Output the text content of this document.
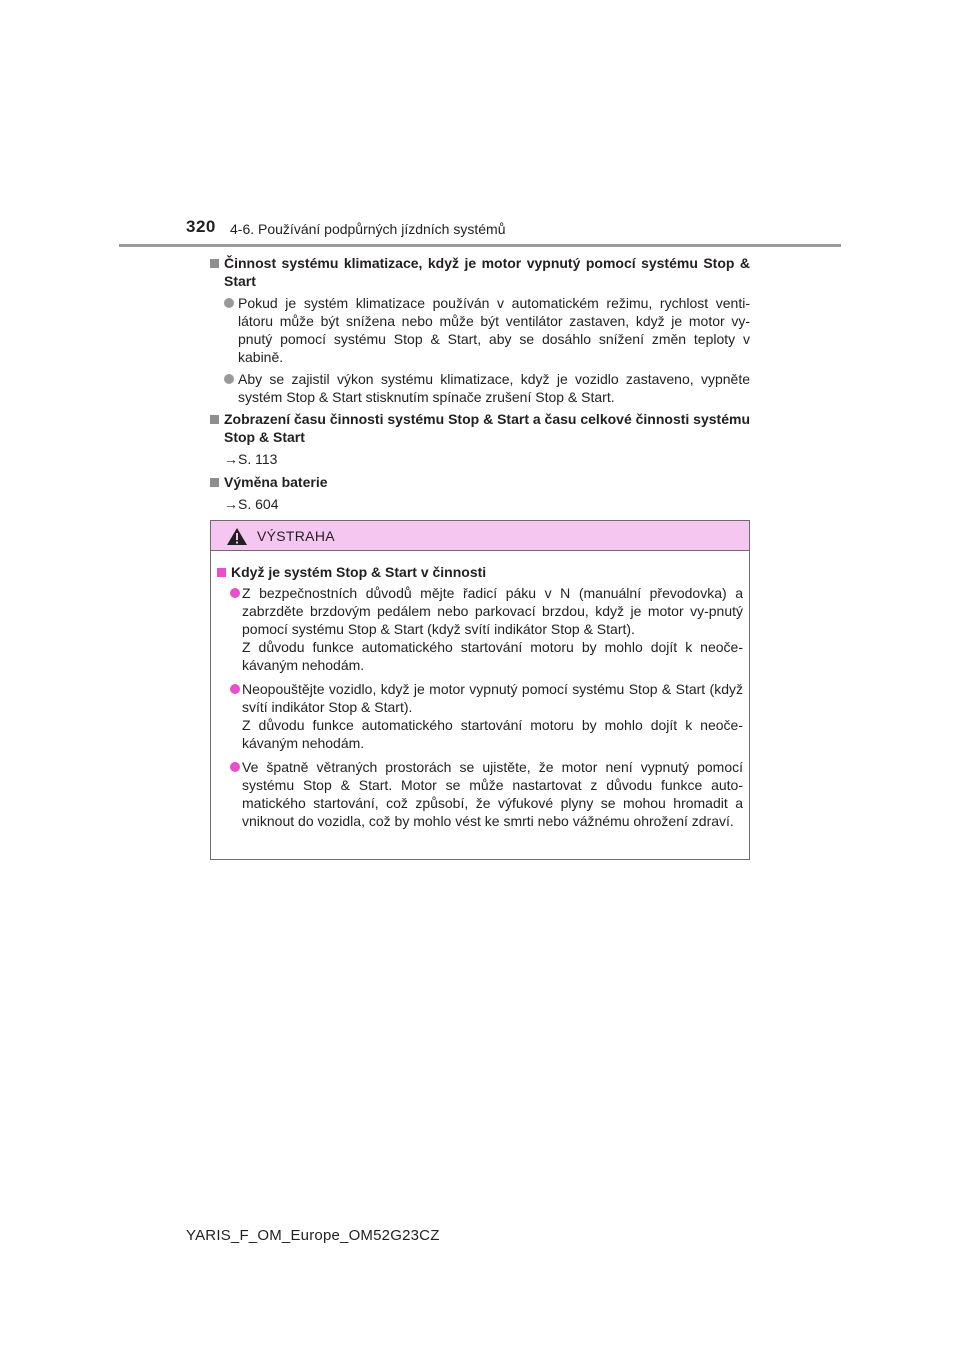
320 4-6. Používání podpůrných jízdních systémů
Činnost systému klimatizace, když je motor vypnutý pomocí systému Stop & Start
Pokud je systém klimatizace používán v automatickém režimu, rychlost venti-látoru může být snížena nebo může být ventilátor zastaven, když je motor vy-pnutý pomocí systému Stop & Start, aby se dosáhlo snížení změn teploty v kabině.
Aby se zajistil výkon systému klimatizace, když je vozidlo zastaveno, vypněte systém Stop & Start stisknutím spínače zrušení Stop & Start.
Zobrazení času činnosti systému Stop & Start a času celkové činnosti systému Stop & Start
→S. 113
Výměna baterie
→S. 604
VÝSTRAHA
Když je systém Stop & Start v činnosti
Z bezpečnostních důvodů mějte řadicí páku v N (manuální převodovka) a zabrzděte brzdovým pedálem nebo parkovací brzdou, když je motor vy-pnutý pomocí systému Stop & Start (když svítí indikátor Stop & Start).
Z důvodu funkce automatického startování motoru by mohlo dojít k neoče-kávaným nehodám.
Neopouštějte vozidlo, když je motor vypnutý pomocí systému Stop & Start (když svítí indikátor Stop & Start).
Z důvodu funkce automatického startování motoru by mohlo dojít k neoče-kávaným nehodám.
Ve špatně větraných prostorách se ujistěte, že motor není vypnutý pomocí systému Stop & Start. Motor se může nastartovat z důvodu funkce auto-matického startování, což způsobí, že výfukové plyny se mohou hromadit a vniknout do vozidla, což by mohlo vést ke smrti nebo vážnému ohrožení zdraví.
YARIS_F_OM_Europe_OM52G23CZ
